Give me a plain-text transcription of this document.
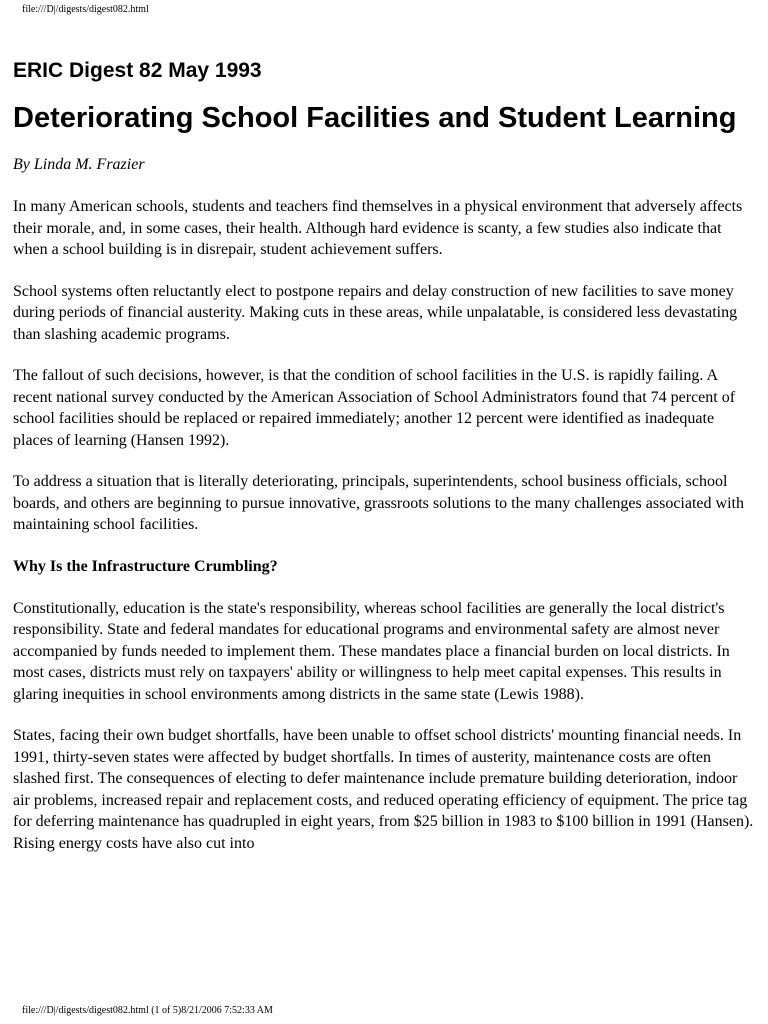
file:///D|/digests/digest082.html
ERIC Digest 82 May 1993
Deteriorating School Facilities and Student Learning
By Linda M. Frazier
In many American schools, students and teachers find themselves in a physical environment that adversely affects their morale, and, in some cases, their health. Although hard evidence is scanty, a few studies also indicate that when a school building is in disrepair, student achievement suffers.
School systems often reluctantly elect to postpone repairs and delay construction of new facilities to save money during periods of financial austerity. Making cuts in these areas, while unpalatable, is considered less devastating than slashing academic programs.
The fallout of such decisions, however, is that the condition of school facilities in the U.S. is rapidly failing. A recent national survey conducted by the American Association of School Administrators found that 74 percent of school facilities should be replaced or repaired immediately; another 12 percent were identified as inadequate places of learning (Hansen 1992).
To address a situation that is literally deteriorating, principals, superintendents, school business officials, school boards, and others are beginning to pursue innovative, grassroots solutions to the many challenges associated with maintaining school facilities.
Why Is the Infrastructure Crumbling?
Constitutionally, education is the state's responsibility, whereas school facilities are generally the local district's responsibility. State and federal mandates for educational programs and environmental safety are almost never accompanied by funds needed to implement them. These mandates place a financial burden on local districts. In most cases, districts must rely on taxpayers' ability or willingness to help meet capital expenses. This results in glaring inequities in school environments among districts in the same state (Lewis 1988).
States, facing their own budget shortfalls, have been unable to offset school districts' mounting financial needs. In 1991, thirty-seven states were affected by budget shortfalls. In times of austerity, maintenance costs are often slashed first. The consequences of electing to defer maintenance include premature building deterioration, indoor air problems, increased repair and replacement costs, and reduced operating efficiency of equipment. The price tag for deferring maintenance has quadrupled in eight years, from $25 billion in 1983 to $100 billion in 1991 (Hansen). Rising energy costs have also cut into
file:///D|/digests/digest082.html (1 of 5)8/21/2006 7:52:33 AM
